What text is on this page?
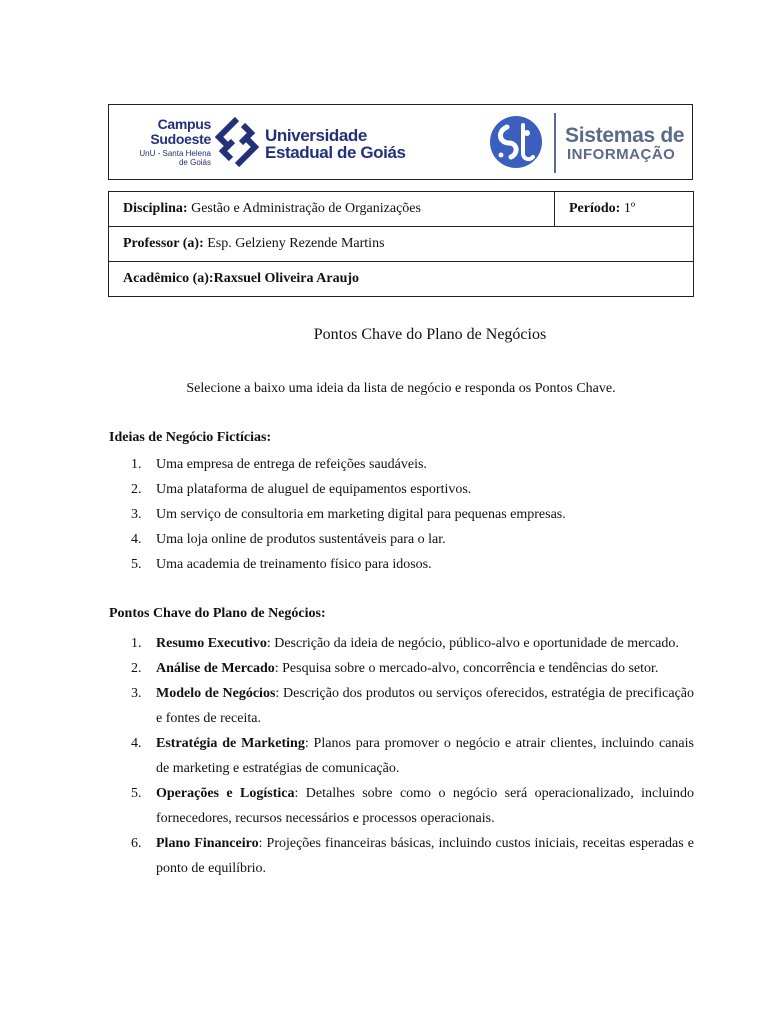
Campus
Sudoeste
UnU - Santa Helena
de Goiás
Universidade
Estadual de Goiás
Sistemas de
INFORMAÇÃO
Disciplina: Gestão e Administração de Organizações	Período: 1º
Professor (a): Esp. Gelzieny Rezende Martins
Acadêmico (a):Raxsuel Oliveira Araujo
Pontos Chave do Plano de Negócios
Selecione a baixo uma ideia da lista de negócio e responda os Pontos Chave.
Ideias de Negócio Fictícias:
1. Uma empresa de entrega de refeições saudáveis.
2. Uma plataforma de aluguel de equipamentos esportivos.
3. Um serviço de consultoria em marketing digital para pequenas empresas.
4. Uma loja online de produtos sustentáveis para o lar.
5. Uma academia de treinamento físico para idosos.
Pontos Chave do Plano de Negócios:
1. Resumo Executivo: Descrição da ideia de negócio, público-alvo e oportunidade de mercado.
2. Análise de Mercado: Pesquisa sobre o mercado-alvo, concorrência e tendências do setor.
3. Modelo de Negócios: Descrição dos produtos ou serviços oferecidos, estratégia de precificação e fontes de receita.
4. Estratégia de Marketing: Planos para promover o negócio e atrair clientes, incluindo canais de marketing e estratégias de comunicação.
5. Operações e Logística: Detalhes sobre como o negócio será operacionalizado, incluindo fornecedores, recursos necessários e processos operacionais.
6. Plano Financeiro: Projeções financeiras básicas, incluindo custos iniciais, receitas esperadas e ponto de equilíbrio.
